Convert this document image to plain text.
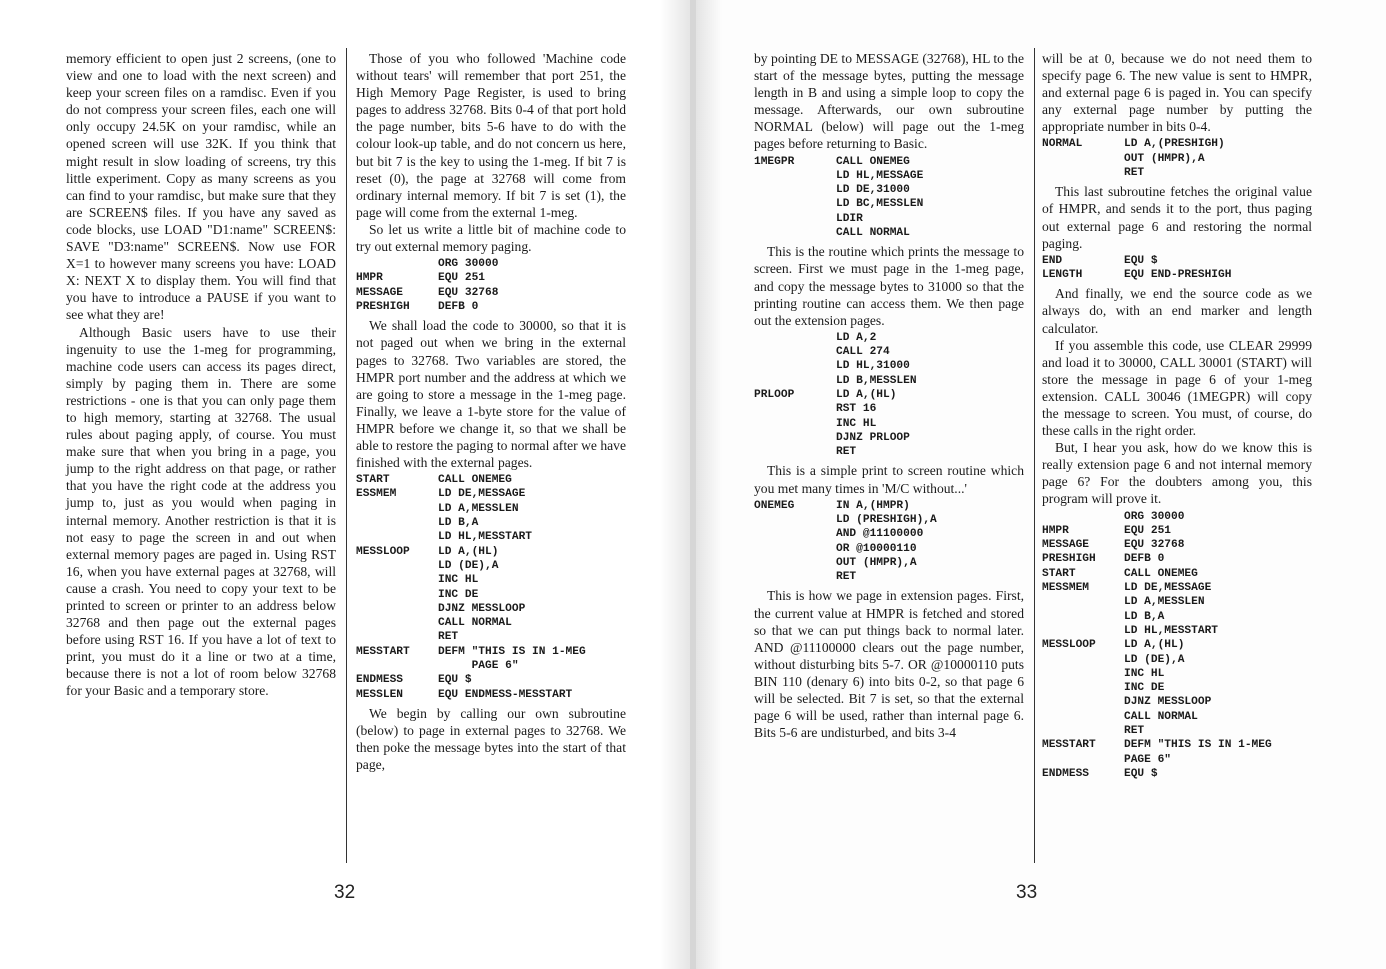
memory efficient to open just 2 screens, (one to view and one to load with the next screen) and keep your screen files on a ramdisc. Even if you do not compress your screen files, each one will only occupy 24.5K on your ramdisc, while an opened screen will use 32K. If you think that might result in slow loading of screens, try this little experiment. Copy as many screens as you can find to your ramdisc, but make sure that they are SCREEN$ files. If you have any saved as code blocks, use LOAD "D1:name" SCREEN$: SAVE "D3:name" SCREEN$. Now use FOR X=1 to however many screens you have: LOAD X: NEXT X to display them. You will find that you have to introduce a PAUSE if you want to see what they are!

Although Basic users have to use their ingenuity to use the 1-meg for programming, machine code users can access its pages direct, simply by paging them in. There are some restrictions - one is that you can only page them to high memory, starting at 32768. The usual rules about paging apply, of course. You must make sure that when you bring in a page, you jump to the right address on that page, or rather that you have the right code at the address you jump to, just as you would when paging in internal memory. Another restriction is that it is not easy to page the screen in and out when external memory pages are paged in. Using RST 16, when you have external pages at 32768, will cause a crash. You need to copy your text to be printed to screen or printer to an address below 32768 and then page out the external pages before using RST 16. If you have a lot of text to print, you must do it a line or two at a time, because there is not a lot of room below 32768 for your Basic and a temporary store.

Those of you who followed 'Machine code without tears' will remember that port 251, the High Memory Page Register, is used to bring pages to address 32768. Bits 0-4 of that port hold the page number, bits 5-6 have to do with the colour look-up table, and do not concern us here, but bit 7 is the key to using the 1-meg. If bit 7 is reset (0), the page at 32768 will come from ordinary internal memory. If bit 7 is set (1), the page will come from the external 1-meg.

So let us write a little bit of machine code to try out external memory paging.

ORG 30000
HMPR	EQU 251
MESSAGE	EQU 32768
PRESHIGH	DEFB 0

We shall load the code to 30000, so that it is not paged out when we bring in the external pages to 32768. Two variables are stored, the HMPR port number and the address at which we are going to store a message in the 1-meg page. Finally, we leave a 1-byte store for the value of HMPR before we change it, so that we shall be able to restore the paging to normal after we have finished with the external pages.

START	CALL ONEMEG
ESSMEM	LD DE,MESSAGE
LD A,MESSLEN
LD B,A
LD HL,MESSTART
MESSLOOP	LD A,(HL)
LD (DE),A
INC HL
INC DE
DJNZ MESSLOOP
CALL NORMAL
RET
MESSTART	DEFM "THIS IS IN 1-MEG
PAGE 6"
ENDMESS	EQU $
MESSLEN	EQU ENDMESS-MESSTART

We begin by calling our own subroutine (below) to page in external pages to 32768. We then poke the message bytes into the start of that page,

32

by pointing DE to MESSAGE (32768), HL to the start of the message bytes, putting the message length in B and using a simple loop to copy the message. Afterwards, our own subroutine NORMAL (below) will page out the 1-meg pages before returning to Basic.

1MEGPR	CALL ONEMEG
LD HL,MESSAGE
LD DE,31000
LD BC,MESSLEN
LDIR
CALL NORMAL

This is the routine which prints the message to screen. First we must page in the 1-meg page, and copy the message bytes to 31000 so that the printing routine can access them. We then page out the extension pages.

LD A,2
CALL 274
LD HL,31000
LD B,MESSLEN
PRLOOP	LD A,(HL)
RST 16
INC HL
DJNZ PRLOOP
RET

This is a simple print to screen routine which you met many times in 'M/C without...'

ONEMEG	IN A,(HMPR)
LD (PRESHIGH),A
AND @11100000
OR @10000110
OUT (HMPR),A
RET

This is how we page in extension pages. First, the current value at HMPR is fetched and stored so that we can put things back to normal later. AND @11100000 clears out the page number, without disturbing bits 5-7. OR @10000110 puts BIN 110 (denary 6) into bits 0-2, so that page 6 will be selected. Bit 7 is set, so that the external page 6 will be used, rather than internal page 6. Bits 5-6 are undisturbed, and bits 3-4

will be at 0, because we do not need them to specify page 6. The new value is sent to HMPR, and external page 6 is paged in. You can specify any external page number by putting the appropriate number in bits 0-4.

NORMAL	LD A,(PRESHIGH)
OUT (HMPR),A
RET

This last subroutine fetches the original value of HMPR, and sends it to the port, thus paging out external page 6 and restoring the normal paging.

END	EQU $
LENGTH	EQU END-PRESHIGH

And finally, we end the source code as we always do, with an end marker and length calculator.

If you assemble this code, use CLEAR 29999 and load it to 30000, CALL 30001 (START) will store the message in page 6 of your 1-meg extension. CALL 30046 (1MEGPR) will copy the message to screen. You must, of course, do these calls in the right order.

But, I hear you ask, how do we know this is really extension page 6 and not internal memory page 6? For the doubters among you, this program will prove it.

ORG 30000
HMPR	EQU 251
MESSAGE	EQU 32768
PRESHIGH	DEFB 0
START	CALL ONEMEG
MESSMEM	LD DE,MESSAGE
LD A,MESSLEN
LD B,A
LD HL,MESSTART
MESSLOOP	LD A,(HL)
LD (DE),A
INC HL
INC DE
DJNZ MESSLOOP
CALL NORMAL
RET
MESSTART	DEFM "THIS IS IN 1-MEG
PAGE 6"
ENDMESS	EQU $
33
